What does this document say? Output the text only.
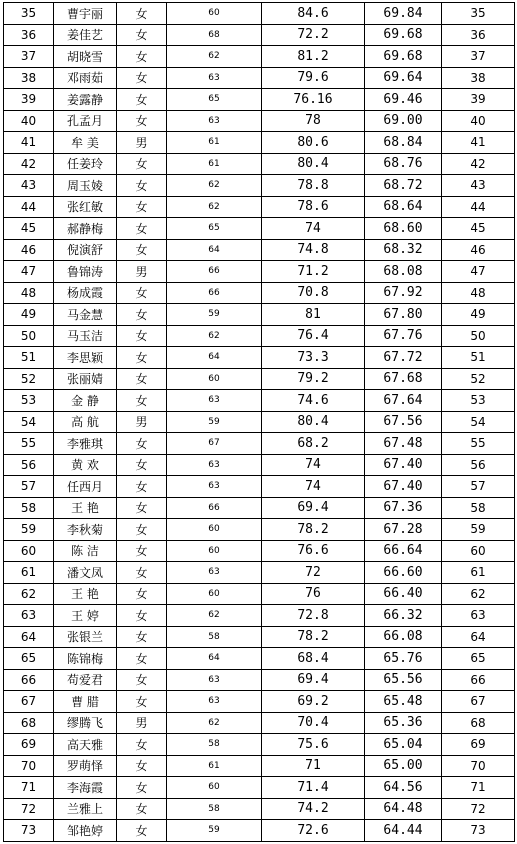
35	曹宇丽	女	60	84.6	69.84	35
36	姜佳艺	女	68	72.2	69.68	36
37	胡晓雪	女	62	81.2	69.68	37
38	邓雨茹	女	63	79.6	69.64	38
39	姜露静	女	65	76.16	69.46	39
40	孔孟月	女	63	78	69.00	40
41	牟 美	男	61	80.6	68.84	41
42	任姜玲	女	61	80.4	68.76	42
43	周玉婈	女	62	78.8	68.72	43
44	张红敏	女	62	78.6	68.64	44
45	郝静梅	女	65	74	68.60	45
46	倪演舒	女	64	74.8	68.32	46
47	鲁锦涛	男	66	71.2	68.08	47
48	杨成霞	女	66	70.8	67.92	48
49	马金慧	女	59	81	67.80	49
50	马玉洁	女	62	76.4	67.76	50
51	李思颖	女	64	73.3	67.72	51
52	张丽婧	女	60	79.2	67.68	52
53	金 静	女	63	74.6	67.64	53
54	高 航	男	59	80.4	67.56	54
55	李雅琪	女	67	68.2	67.48	55
56	黄 欢	女	63	74	67.40	56
57	任西月	女	63	74	67.40	57
58	王 艳	女	66	69.4	67.36	58
59	李秋菊	女	60	78.2	67.28	59
60	陈 洁	女	60	76.6	66.64	60
61	潘文凤	女	63	72	66.60	61
62	王 艳	女	60	76	66.40	62
63	王 婷	女	62	72.8	66.32	63
64	张银兰	女	58	78.2	66.08	64
65	陈锦梅	女	64	68.4	65.76	65
66	苟爱君	女	63	69.4	65.56	66
67	曹 腊	女	63	69.2	65.48	67
68	缪腾飞	男	62	70.4	65.36	68
69	高天雅	女	58	75.6	65.04	69
70	罗萌怿	女	61	71	65.00	70
71	李海霞	女	60	71.4	64.56	71
72	兰雅上	女	58	74.2	64.48	72
73	邹艳婷	女	59	72.6	64.44	73
